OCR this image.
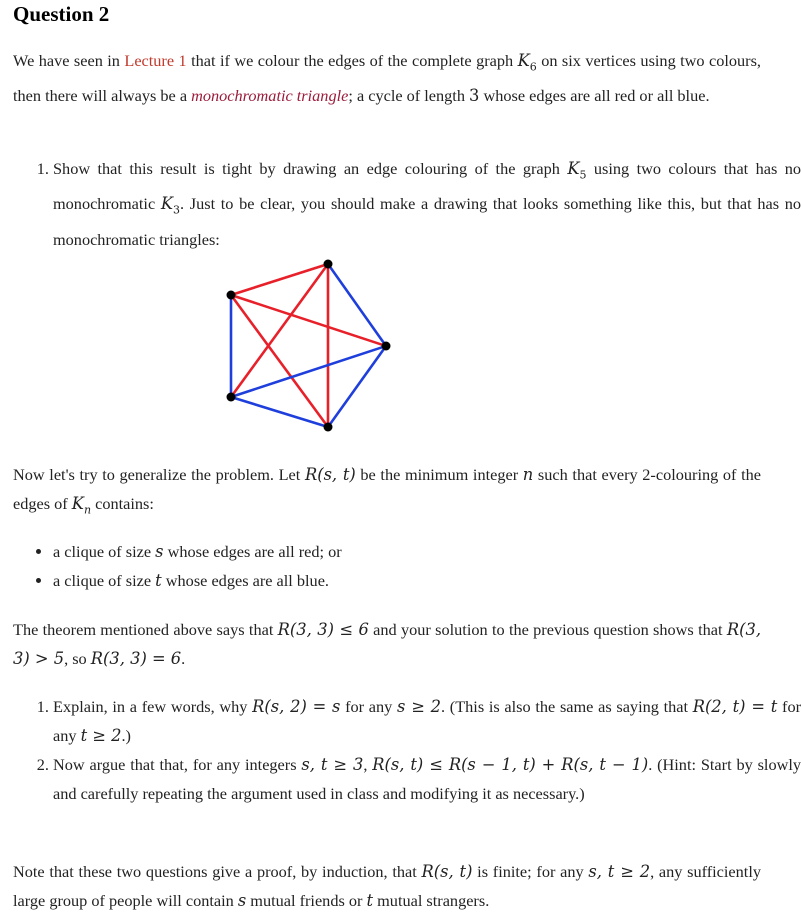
Question 2

We have seen in Lecture 1 that if we colour the edges of the complete graph $K_6$ on six vertices using two colours, then there will always be a monochromatic triangle; a cycle of length 3 whose edges are all red or all blue.

1. Show that this result is tight by drawing an edge colouring of the graph $K_5$ using two colours that has no monochromatic $K_3$. Just to be clear, you should make a drawing that looks something like this, but that has no monochromatic triangles:

Now let's try to generalize the problem. Let R(s, t) be the minimum integer n such that every 2-colouring of the edges of $K_n$ contains:

• a clique of size s whose edges are all red; or
• a clique of size t whose edges are all blue.

The theorem mentioned above says that R(3, 3) ≤ 6 and your solution to the previous question shows that R(3, 3) > 5, so R(3, 3) = 6.

1. Explain, in a few words, why R(s, 2) = s for any s ≥ 2. (This is also the same as saying that R(2, t) = t for any t ≥ 2.)
2. Now argue that that, for any integers s, t ≥ 3, R(s, t) ≤ R(s − 1, t) + R(s, t − 1). (Hint: Start by slowly and carefully repeating the argument used in class and modifying it as necessary.)

Note that these two questions give a proof, by induction, that R(s, t) is finite; for any s, t ≥ 2, any sufficiently large group of people will contain s mutual friends or t mutual strangers.
